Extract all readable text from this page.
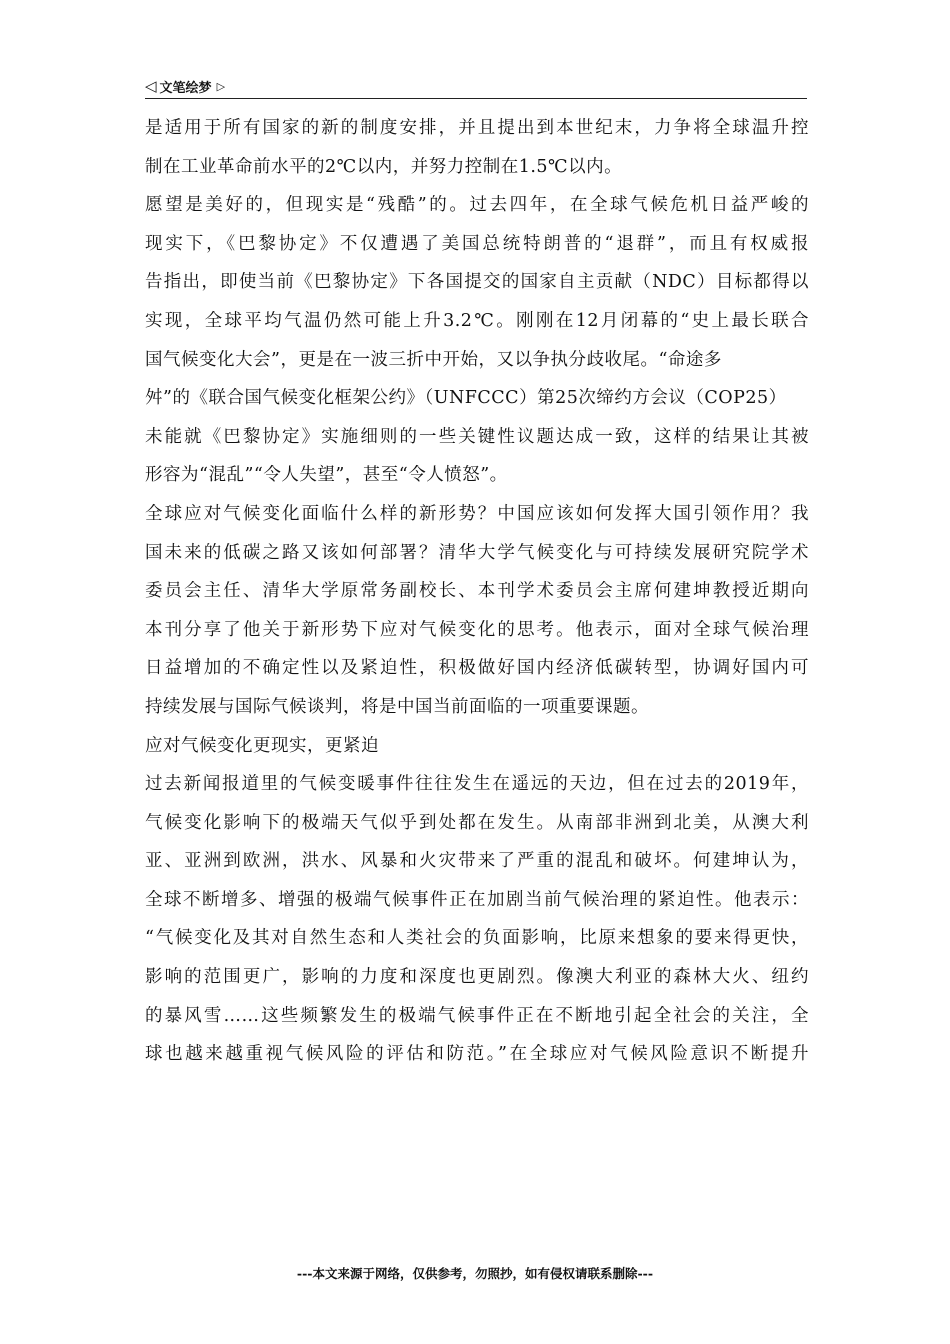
◁ 文笔绘梦 ▷
是适用于所有国家的新的制度安排，并且提出到本世纪末，力争将全球温升控
制在工业革命前水平的2℃以内，并努力控制在1.5℃以内。
愿望是美好的，但现实是“残酷”的。过去四年，在全球气候危机日益严峻的
现实下，《巴黎协定》不仅遭遇了美国总统特朗普的“退群”，而且有权威报
告指出，即使当前《巴黎协定》下各国提交的国家自主贡献（NDC）目标都得以
实现，全球平均气温仍然可能上升3.2℃。刚刚在12月闭幕的“史上最长联合
国气候变化大会”，更是在一波三折中开始，又以争执分歧收尾。“命途多
舛”的《联合国气候变化框架公约》（UNFCCC）第25次缔约方会议（COP25）
未能就《巴黎协定》实施细则的一些关键性议题达成一致，这样的结果让其被
形容为“混乱”“令人失望”，甚至“令人愤怒”。
全球应对气候变化面临什么样的新形势？中国应该如何发挥大国引领作用？我
国未来的低碳之路又该如何部署？清华大学气候变化与可持续发展研究院学术
委员会主任、清华大学原常务副校长、本刊学术委员会主席何建坤教授近期向
本刊分享了他关于新形势下应对气候变化的思考。他表示，面对全球气候治理
日益增加的不确定性以及紧迫性，积极做好国内经济低碳转型，协调好国内可
持续发展与国际气候谈判，将是中国当前面临的一项重要课题。
应对气候变化更现实，更紧迫
过去新闻报道里的气候变暖事件往往发生在遥远的天边，但在过去的2019年，
气候变化影响下的极端天气似乎到处都在发生。从南部非洲到北美，从澳大利
亚、亚洲到欧洲，洪水、风暴和火灾带来了严重的混乱和破坏。何建坤认为，
全球不断增多、增强的极端气候事件正在加剧当前气候治理的紧迫性。他表示：
“气候变化及其对自然生态和人类社会的负面影响，比原来想象的要来得更快，
影响的范围更广，影响的力度和深度也更剧烈。像澳大利亚的森林大火、纽约
的暴风雪……这些频繁发生的极端气候事件正在不断地引起全社会的关注，全
球也越来越重视气候风险的评估和防范。”在全球应对气候风险意识不断提升
---本文来源于网络，仅供参考，勿照抄，如有侵权请联系删除---
